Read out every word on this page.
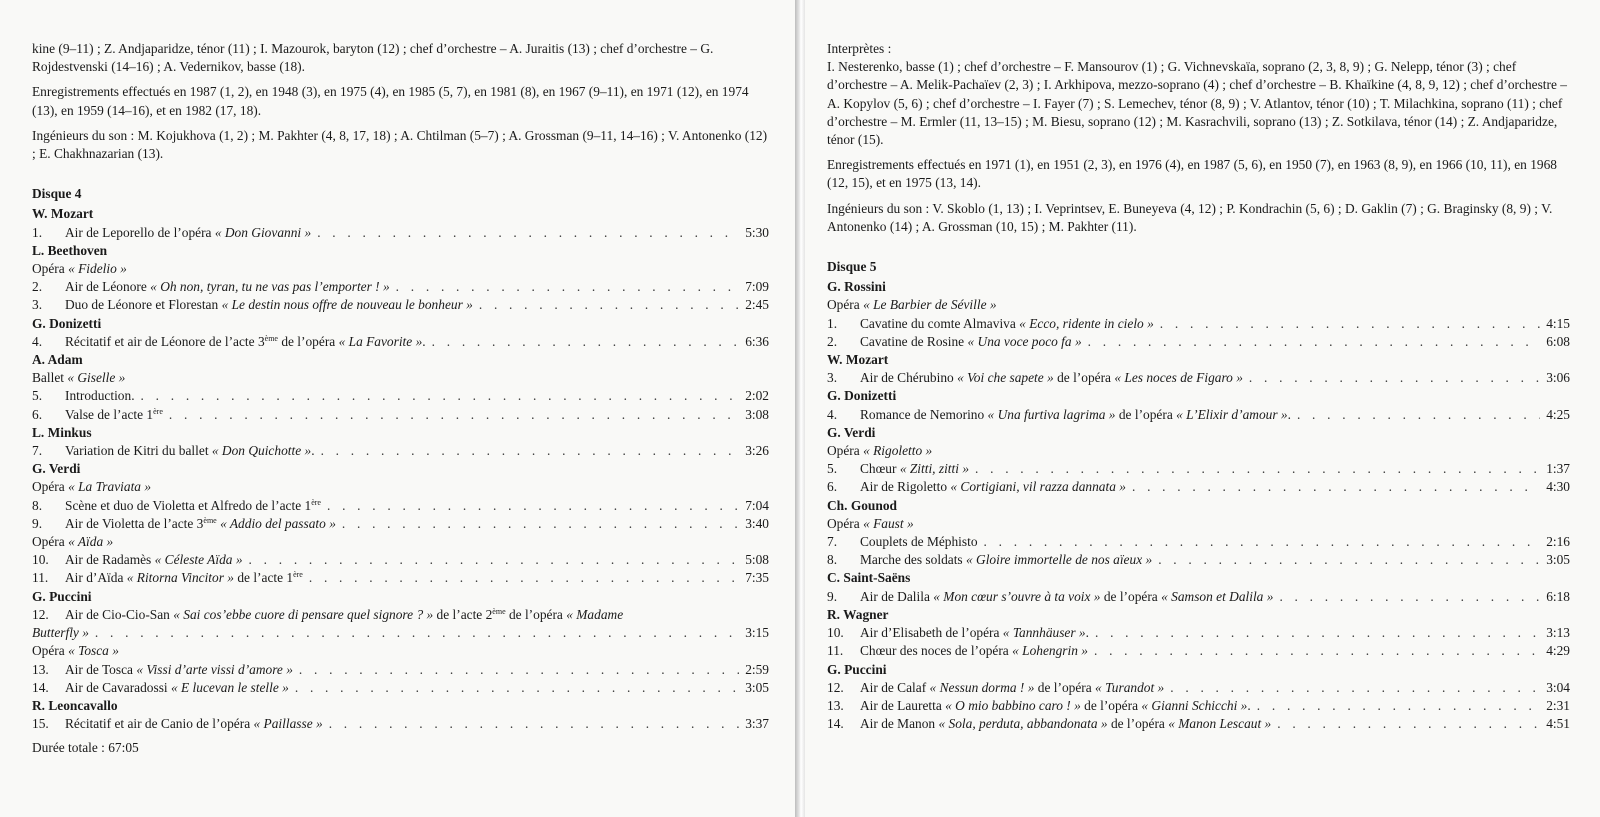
kine (9–11) ; Z. Andjaparidze, ténor (11) ; I. Mazourok, baryton (12) ; chef d’orchestre – A. Juraitis (13) ; chef d’orchestre – G. Rojdestvenski (14–16) ; A. Vedernikov, basse (18).

Enregistrements effectués en 1987 (1, 2), en 1948 (3), en 1975 (4), en 1985 (5, 7), en 1981 (8), en 1967 (9–11), en 1971 (12), en 1974 (13), en 1959 (14–16), et en 1982 (17, 18).

Ingénieurs du son : M. Kojukhova (1, 2) ; M. Pakhter (4, 8, 17, 18) ; A. Chtilman (5–7) ; A. Grossman (9–11, 14–16) ; V. Antonenko (12) ; E. Chakhnazarian (13).

Disque 4
W. Mozart
1.	Air de Leporello de l’opéra « Don Giovanni » . . .	5:30
L. Beethoven
Opéra « Fidelio »
2.	Air de Léonore « Oh non, tyran, tu ne vas pas l’emporter ! » . . .	7:09
3.	Duo de Léonore et Florestan « Le destin nous offre de nouveau le bonheur » . . .	2:45
G. Donizetti
4.	Récitatif et air de Léonore de l’acte 3ème de l’opéra « La Favorite ». . . .	6:36
A. Adam
Ballet « Giselle »
5.	Introduction. . . .	2:02
6.	Valse de l’acte 1ère . . .	3:08
L. Minkus
7.	Variation de Kitri du ballet « Don Quichotte ». . . .	3:26
G. Verdi
Opéra « La Traviata »
8.	Scène et duo de Violetta et Alfredo de l’acte 1ère . . .	7:04
9.	Air de Violetta de l’acte 3ème « Addio del passato » . . .	3:40
Opéra « Aïda »
10.	Air de Radamès « Céleste Aïda » . . .	5:08
11.	Air d’Aïda « Ritorna Vincitor » de l’acte 1ère . . .	7:35
G. Puccini
12. Air de Cio-Cio-San « Sai cos’ebbe cuore di pensare quel signore ? » de l’acte 2ème de l’opéra « Madame
Butterfly » . . .	3:15
Opéra « Tosca »
13.	Air de Tosca « Vissi d’arte vissi d’amore » . . .	2:59
14.	Air de Cavaradossi « E lucevan le stelle » . . .	3:05
R. Leoncavallo
15.	Récitatif et air de Canio de l’opéra « Paillasse » . . .	3:37
Durée totale : 67:05
Interprètes :

I. Nesterenko, basse (1) ; chef d’orchestre – F. Mansourov (1) ; G. Vichnevskaïa, soprano (2, 3, 8, 9) ; G. Nelepp, ténor (3) ; chef d’orchestre – A. Melik-Pachaïev (2, 3) ; I. Arkhipova, mezzo-soprano (4) ; chef d’orchestre – B. Khaïkine (4, 8, 9, 12) ; chef d’orchestre – A. Kopylov (5, 6) ; chef d’orchestre – I. Fayer (7) ; S. Lemechev, ténor (8, 9) ; V. Atlantov, ténor (10) ; T. Milachkina, soprano (11) ; chef d’orchestre – M. Ermler (11, 13–15) ; M. Biesu, soprano (12) ; M. Kasrachvili, soprano (13) ; Z. Sotkilava, ténor (14) ; Z. Andjaparidze, ténor (15).

Enregistrements effectués en 1971 (1), en 1951 (2, 3), en 1976 (4), en 1987 (5, 6), en 1950 (7), en 1963 (8, 9), en 1966 (10, 11), en 1968 (12, 15), et en 1975 (13, 14).

Ingénieurs du son : V. Skoblo (1, 13) ; I. Veprintsev, E. Buneyeva (4, 12) ; P. Kondrachin (5, 6) ; D. Gaklin (7) ; G. Braginsky (8, 9) ; V. Antonenko (14) ; A. Grossman (10, 15) ; M. Pakhter (11).

Disque 5
G. Rossini
Opéra « Le Barbier de Séville »
1.	Cavatine du comte Almaviva « Ecco, ridente in cielo » . . .	4:15
2.	Cavatine de Rosine « Una voce poco fa » . . .	6:08
W. Mozart
3.	Air de Chérubino « Voi che sapete » de l’opéra « Les noces de Figaro » . . .	3:06
G. Donizetti
4.	Romance de Nemorino « Una furtiva lagrima » de l’opéra « L’Elixir d’amour ». . . .	4:25
G. Verdi
Opéra « Rigoletto »
5.	Chœur « Zitti, zitti » . . .	1:37
6.	Air de Rigoletto « Cortigiani, vil razza dannata » . . .	4:30
Ch. Gounod
Opéra « Faust »
7.	Couplets de Méphisto . . .	2:16
8.	Marche des soldats « Gloire immortelle de nos aïeux » . . .	3:05
C. Saint-Saëns
9.	Air de Dalila « Mon cœur s’ouvre à ta voix » de l’opéra « Samson et Dalila » . . .	6:18
R. Wagner
10.	Air d’Elisabeth de l’opéra « Tannhäuser ». . . .	3:13
11.	Chœur des noces de l’opéra « Lohengrin » . . .	4:29
G. Puccini
12.	Air de Calaf « Nessun dorma ! » de l’opéra « Turandot » . . .	3:04
13.	Air de Lauretta « O mio babbino caro ! » de l’opéra « Gianni Schicchi ». . . .	2:31
14.	Air de Manon « Sola, perduta, abbandonata » de l’opéra « Manon Lescaut » . . .	4:51
